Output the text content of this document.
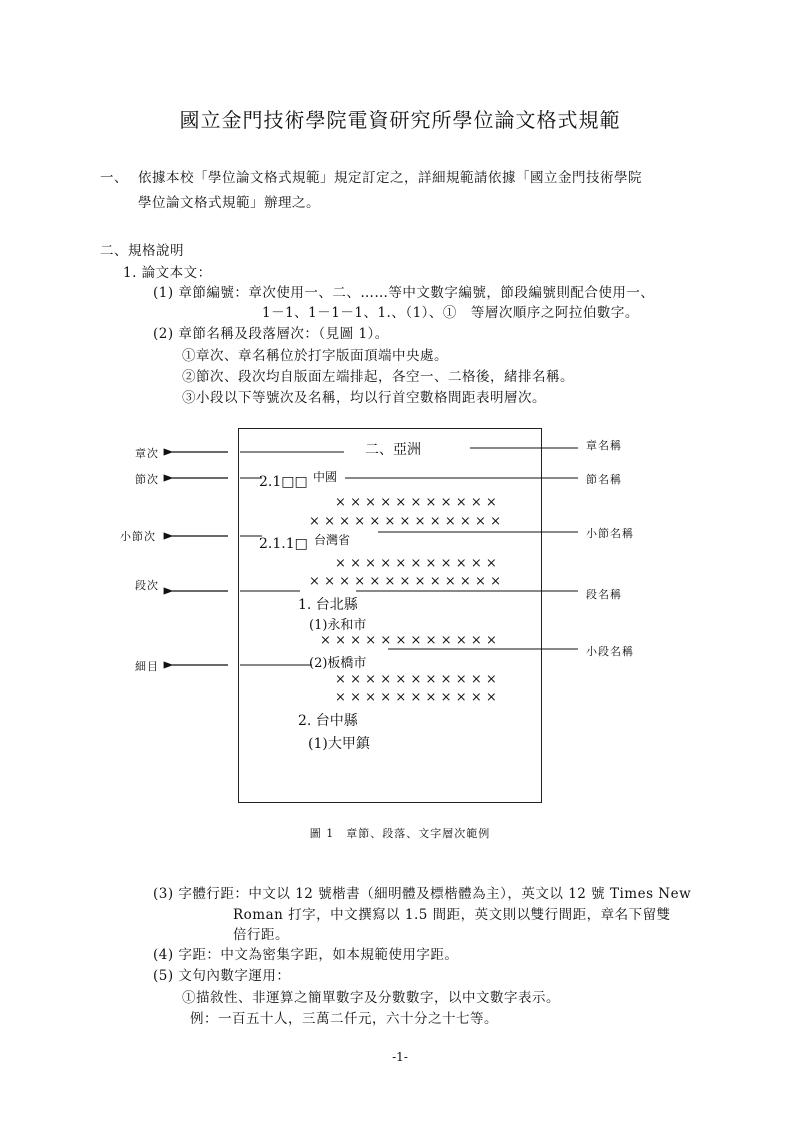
國立金門技術學院電資研究所學位論文格式規範
一、 依據本校「學位論文格式規範」規定訂定之，詳細規範請依據「國立金門技術學院
學位論文格式規範」辦理之。
二、規格說明
1. 論文本文：
(1) 章節編號：章次使用一、二、……等中文數字編號，節段編號則配合使用一、
1－1、1－1－1、1.、（1）、①　等層次順序之阿拉伯數字。
(2) 章節名稱及段落層次：（見圖 1）。
①章次、章名稱位於打字版面頂端中央處。
②節次、段次均自版面左端排起，各空一、二格後，緒排名稱。
③小段以下等號次及名稱，均以行首空數格間距表明層次。
章次
節次
小節次
段次
細目
章名稱
節名稱
小節名稱
段名稱
小段名稱
二、亞洲
2.1□□ 中國
×××××××××××
×××××××××××××
2.1.1□ 台灣省
×××××××××××
×××××××××××××
1. 台北縣
(1)永和市
××××××××××××
(2)板橋市
×××××××××××
×××××××××××
2. 台中縣
(1)大甲鎮
圖 1　章節、段落、文字層次範例
(3) 字體行距：中文以 12 號楷書（細明體及標楷體為主），英文以 12 號 Times New
Roman 打字，中文撰寫以 1.5 間距，英文則以雙行間距，章名下留雙
倍行距。
(4) 字距：中文為密集字距，如本規範使用字距。
(5) 文句內數字運用：
①描敘性、非運算之簡單數字及分數數字，以中文數字表示。
例：一百五十人，三萬二仟元，六十分之十七等。
-1-
